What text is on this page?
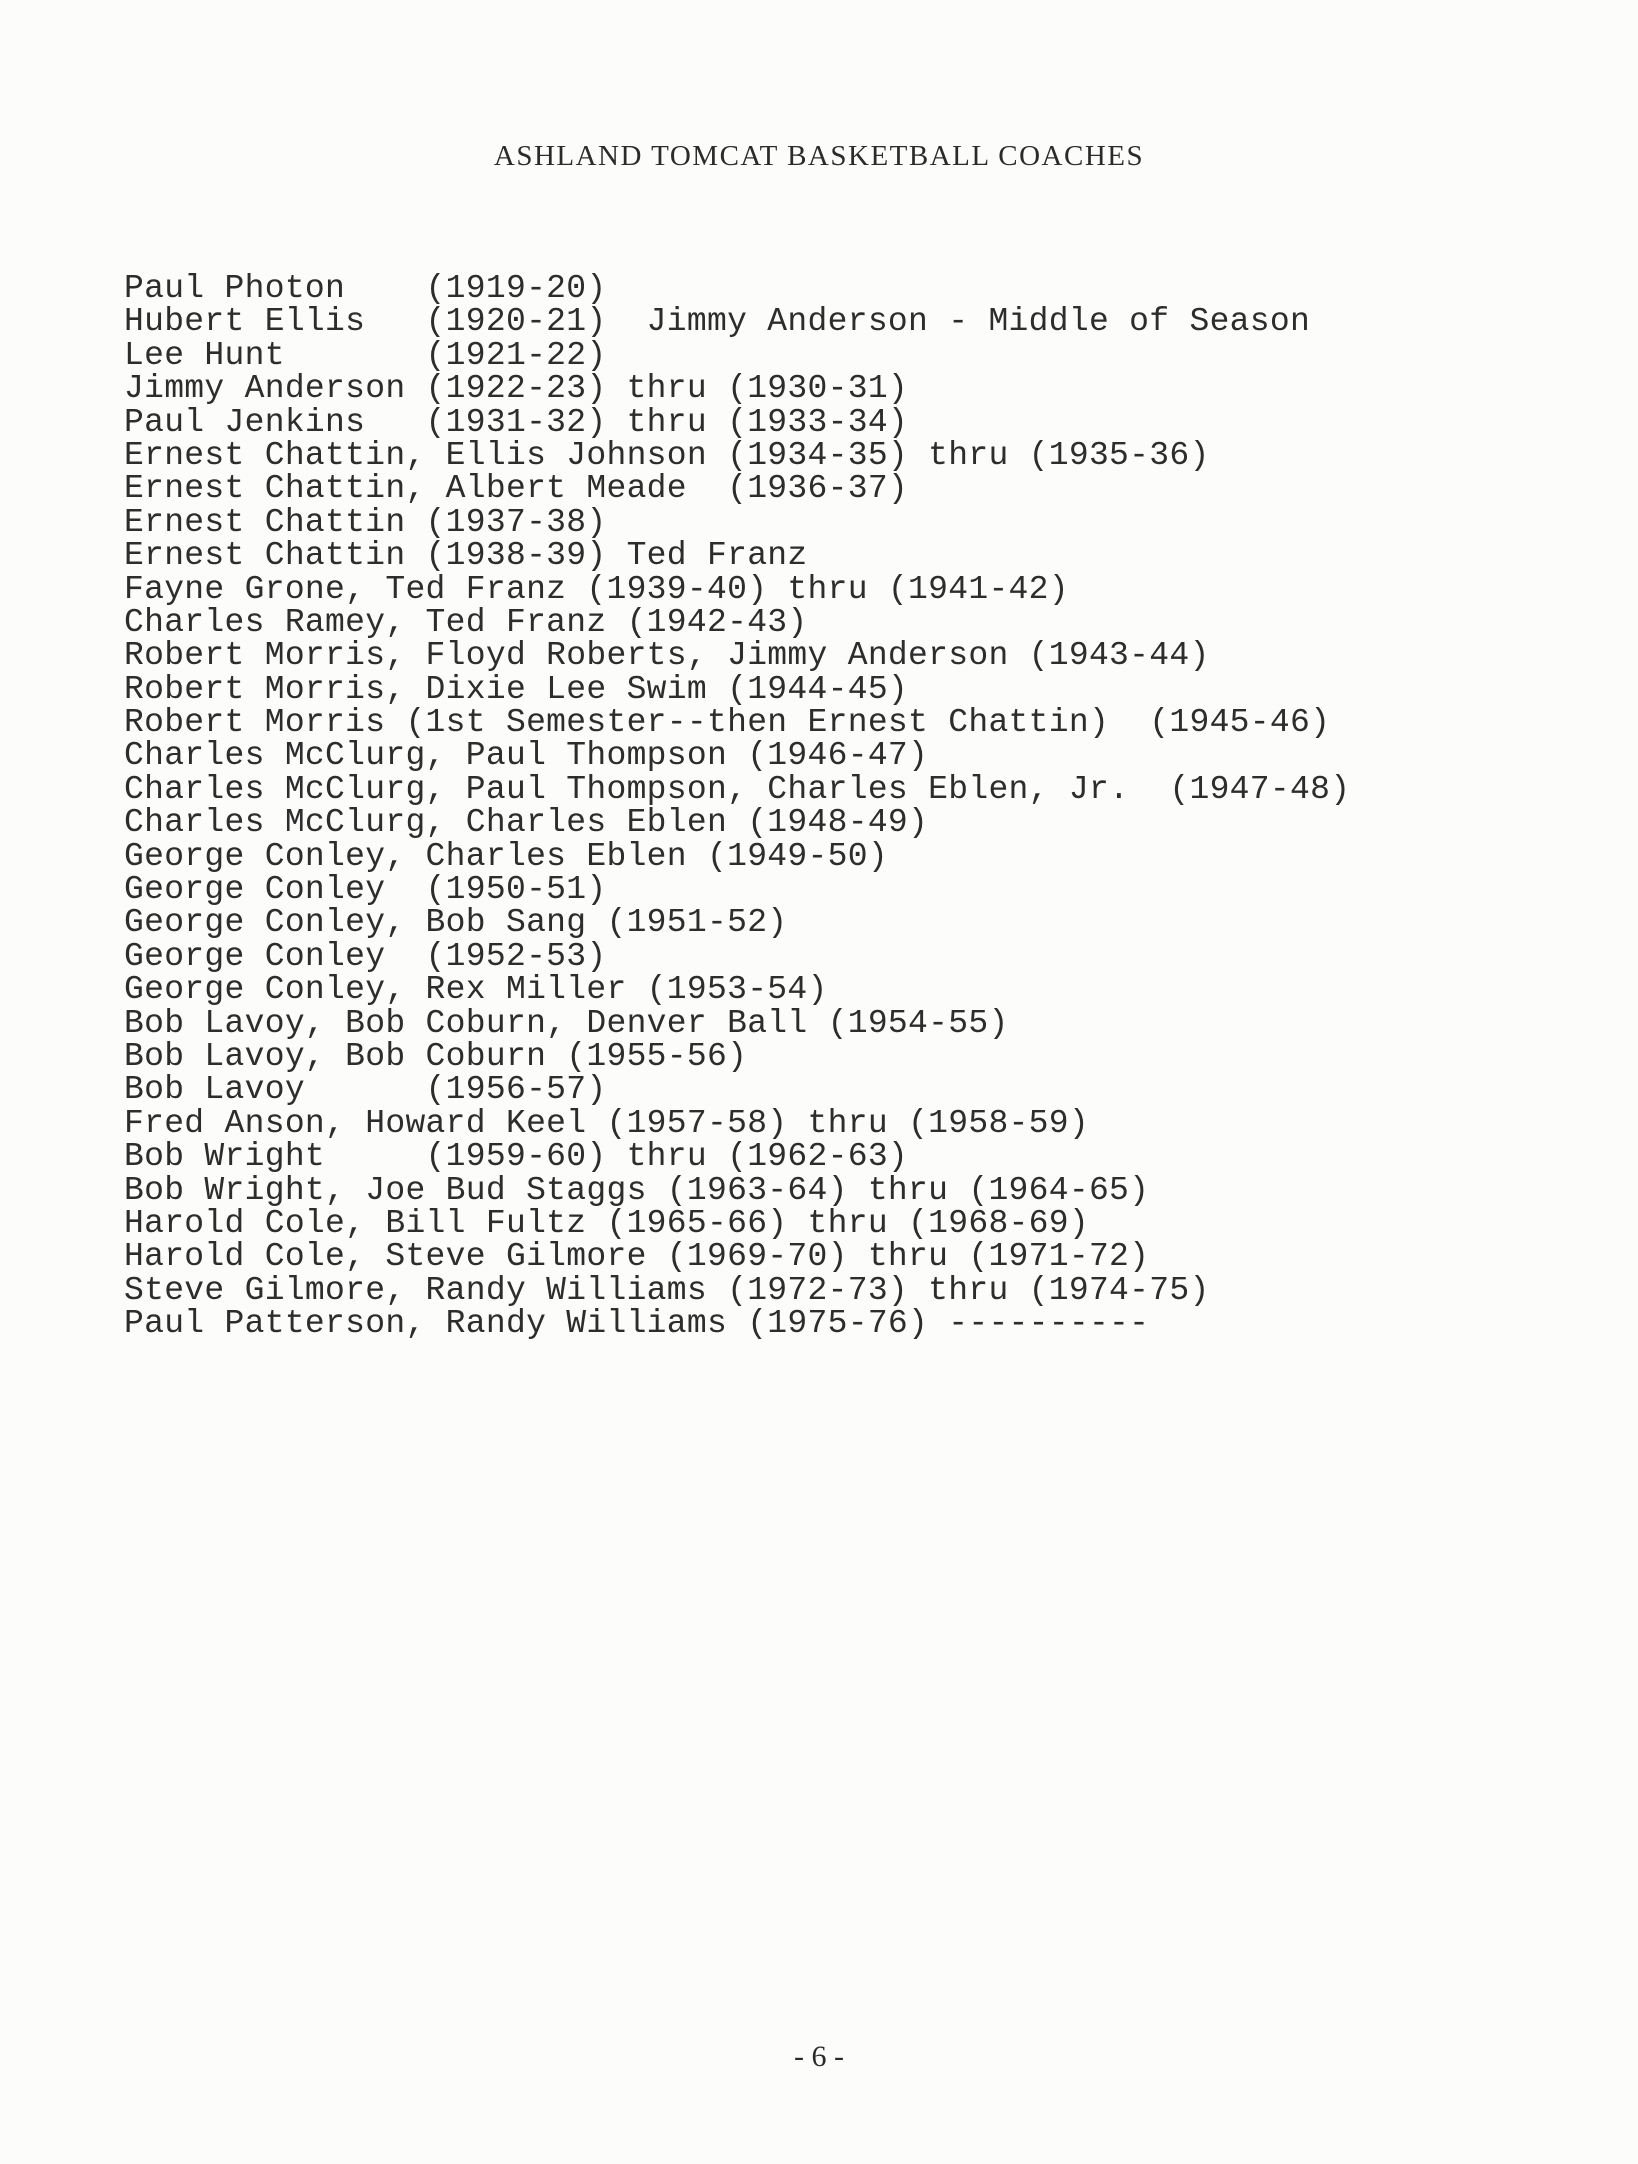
ASHLAND TOMCAT BASKETBALL COACHES
Paul Photon    (1919-20)
Hubert Ellis   (1920-21)  Jimmy Anderson - Middle of Season
Lee Hunt       (1921-22)
Jimmy Anderson (1922-23) thru (1930-31)
Paul Jenkins   (1931-32) thru (1933-34)
Ernest Chattin, Ellis Johnson (1934-35) thru (1935-36)
Ernest Chattin, Albert Meade  (1936-37)
Ernest Chattin (1937-38)
Ernest Chattin (1938-39) Ted Franz
Fayne Grone, Ted Franz (1939-40) thru (1941-42)
Charles Ramey, Ted Franz (1942-43)
Robert Morris, Floyd Roberts, Jimmy Anderson (1943-44)
Robert Morris, Dixie Lee Swim (1944-45)
Robert Morris (1st Semester--then Ernest Chattin)  (1945-46)
Charles McClurg, Paul Thompson (1946-47)
Charles McClurg, Paul Thompson, Charles Eblen, Jr.  (1947-48)
Charles McClurg, Charles Eblen (1948-49)
George Conley, Charles Eblen (1949-50)
George Conley  (1950-51)
George Conley, Bob Sang (1951-52)
George Conley  (1952-53)
George Conley, Rex Miller (1953-54)
Bob Lavoy, Bob Coburn, Denver Ball (1954-55)
Bob Lavoy, Bob Coburn (1955-56)
Bob Lavoy      (1956-57)
Fred Anson, Howard Keel (1957-58) thru (1958-59)
Bob Wright     (1959-60) thru (1962-63)
Bob Wright, Joe Bud Staggs (1963-64) thru (1964-65)
Harold Cole, Bill Fultz (1965-66) thru (1968-69)
Harold Cole, Steve Gilmore (1969-70) thru (1971-72)
Steve Gilmore, Randy Williams (1972-73) thru (1974-75)
Paul Patterson, Randy Williams (1975-76) ----------
- 6 -
